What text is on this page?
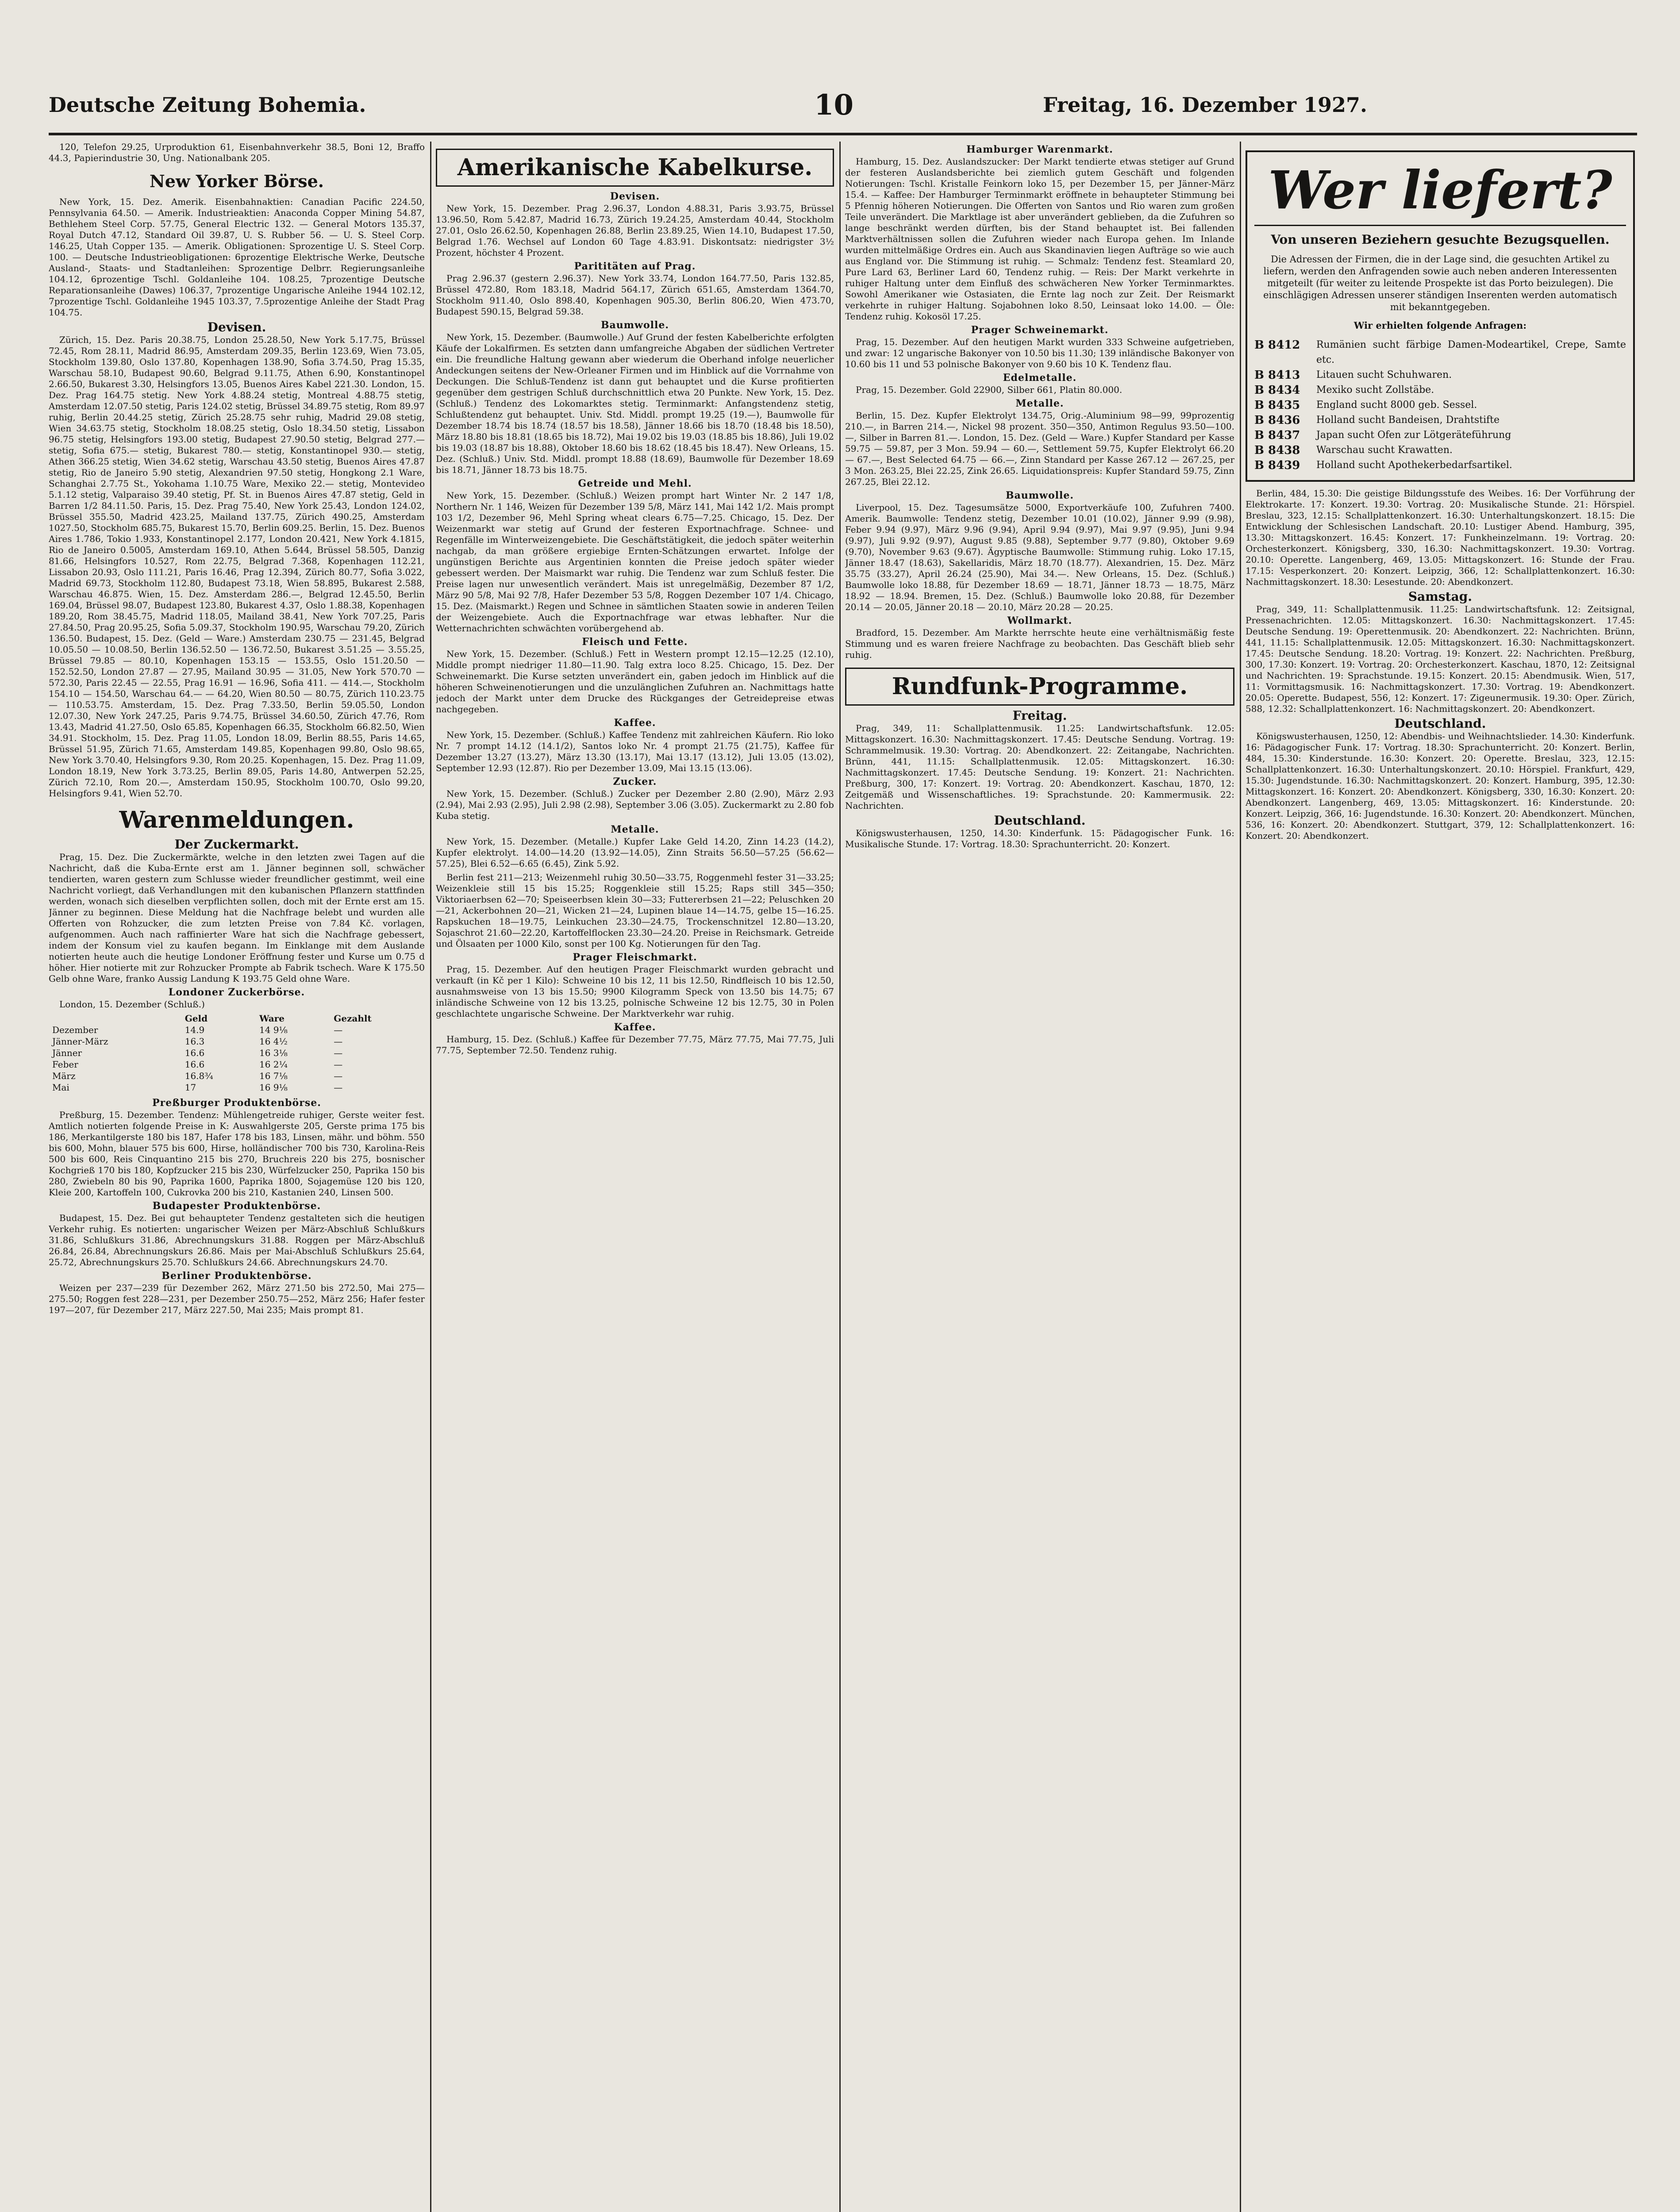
Deutsche Zeitung Bohemia.	10	Freitag, 16. Dezember 1927.

120, Telefon 29.25, Urproduktion 61, Eisenbahnverkehr 38.5, Boni 12, Braffo 44.3, Papierindustrie 30, Ung. Nationalbank 205.

New Yorker Börse.

New York, 15. Dez. Amerik. Eisenbahnaktien: Canadian Pacific 224.50, Pennsylvania 64.50. — Amerik. Industrieaktien: Anaconda Copper Mining 54.87, Bethlehem Steel Corp. 57.75, General Electric 132. — General Motors 135.37, Royal Dutch 47.12, Standard Oil 39.87, U. S. Rubber 56. — U. S. Steel Corp. 146.25, Utah Copper 135. — Amerik. Obligationen: Sprozentige U. S. Steel Corp. 100. — Deutsche Industrieobligationen: 6prozentige Elektrische Werke, Deutsche Ausland-, Staats- und Stadtanleihen: Sprozentige Delbrr. Regierungsanleihe 104.12, 6prozentige Tschl. Goldanleihe 104. 108.25, 7prozentige Deutsche Reparationsanleihe (Dawes) 106.37, 7prozentige Ungarische Anleihe 1944 102.12, 7prozentige Tschl. Goldanleihe 1945 103.37, 7.5prozentige Anleihe der Stadt Prag 104.75.

Devisen.

Zürich, 15. Dez. Paris 20.38.75, London 25.28.50, New York 5.17.75, Brüssel 72.45, Rom 28.11, Madrid 86.95, Amsterdam 209.35, Berlin 123.69, Wien 73.05, Stockholm 139.80, Oslo 137.80, Kopenhagen 138.90, Sofia 3.74.50, Prag 15.35, Warschau 58.10, Budapest 90.60, Belgrad 9.11.75, Athen 6.90, Konstantinopel 2.66.50, Bukarest 3.30, Helsingfors 13.05, Buenos Aires Kabel 221.30. London, 15. Dez. Prag 164.75 stetig. New York 4.88.24 stetig, Montreal 4.88.75 stetig, Amsterdam 12.07.50 stetig, Paris 124.02 stetig, Brüssel 34.89.75 stetig, Rom 89.97 ruhig, Berlin 20.44.25 stetig, Zürich 25.28.75 sehr ruhig, Madrid 29.08 stetig, Wien 34.63.75 stetig, Stockholm 18.08.25 stetig, Oslo 18.34.50 stetig, Lissabon 96.75 stetig, Helsingfors 193.00 stetig, Budapest 27.90.50 stetig, Belgrad 277.— stetig, Sofia 675.— stetig, Bukarest 780.— stetig, Konstantinopel 930.— stetig, Athen 366.25 stetig, Wien 34.62 stetig, Warschau 43.50 stetig, Buenos Aires 47.87 stetig, Rio de Janeiro 5.90 stetig, Alexandrien 97.50 stetig, Hongkong 2.1 Ware, Schanghai 2.7.75 St., Yokohama 1.10.75 Ware, Mexiko 22.— stetig, Montevideo 5.1.12 stetig, Valparaiso 39.40 stetig, Pf. St. in Buenos Aires 47.87 stetig, Geld in Barren 1/2 84.11.50. Paris, 15. Dez. Prag 75.40, New York 25.43, London 124.02, Brüssel 355.50, Madrid 423.25, Mailand 137.75, Zürich 490.25, Amsterdam 1027.50, Stockholm 685.75, Bukarest 15.70, Berlin 609.25. Berlin, 15. Dez. Buenos Aires 1.786, Tokio 1.933, Konstantinopel 2.177, London 20.421, New York 4.1815, Rio de Janeiro 0.5005, Amsterdam 169.10, Athen 5.644, Brüssel 58.505, Danzig 81.66, Helsingfors 10.527, Rom 22.75, Belgrad 7.368, Kopenhagen 112.21, Lissabon 20.93, Oslo 111.21, Paris 16.46, Prag 12.394, Zürich 80.77, Sofia 3.022, Madrid 69.73, Stockholm 112.80, Budapest 73.18, Wien 58.895, Bukarest 2.588, Warschau 46.875. Wien, 15. Dez. Amsterdam 286.—, Belgrad 12.45.50, Berlin 169.04, Brüssel 98.07, Budapest 123.80, Bukarest 4.37, Oslo 1.88.38, Kopenhagen 189.20, Rom 38.45.75, Madrid 118.05, Mailand 38.41, New York 707.25, Paris 27.84.50, Prag 20.95.25, Sofia 5.09.37, Stockholm 190.95, Warschau 79.20, Zürich 136.50. Budapest, 15. Dez. (Geld — Ware.) Amsterdam 230.75 — 231.45, Belgrad 10.05.50 — 10.08.50, Berlin 136.52.50 — 136.72.50, Bukarest 3.51.25 — 3.55.25, Brüssel 79.85 — 80.10, Kopenhagen 153.15 — 153.55, Oslo 151.20.50 — 152.52.50, London 27.87 — 27.95, Mailand 30.95 — 31.05, New York 570.70 — 572.30, Paris 22.45 — 22.55, Prag 16.91 — 16.96, Sofia 411. — 414.—, Stockholm 154.10 — 154.50, Warschau 64.— — 64.20, Wien 80.50 — 80.75, Zürich 110.23.75 — 110.53.75. Amsterdam, 15. Dez. Prag 7.33.50, Berlin 59.05.50, London 12.07.30, New York 247.25, Paris 9.74.75, Brüssel 34.60.50, Zürich 47.76, Rom 13.43, Madrid 41.27.50, Oslo 65.85, Kopenhagen 66.35, Stockholm 66.82.50, Wien 34.91. Stockholm, 15. Dez. Prag 11.05, London 18.09, Berlin 88.55, Paris 14.65, Brüssel 51.95, Zürich 71.65, Amsterdam 149.85, Kopenhagen 99.80, Oslo 98.65, New York 3.70.40, Helsingfors 9.30, Rom 20.25. Kopenhagen, 15. Dez. Prag 11.09, London 18.19, New York 3.73.25, Berlin 89.05, Paris 14.80, Antwerpen 52.25, Zürich 72.10, Rom 20.—, Amsterdam 150.95, Stockholm 100.70, Oslo 99.20, Helsingfors 9.41, Wien 52.70.

Warenmeldungen.
Der Zuckermarkt.

Prag, 15. Dez. Die Zuckermärkte, welche in den letzten zwei Tagen auf die Nachricht, daß die Kuba-Ernte erst am 1. Jänner beginnen soll, schwächer tendierten, waren gestern zum Schlusse wieder freundlicher gestimmt, weil eine Nachricht vorliegt, daß Verhandlungen mit den kubanischen Pflanzern stattfinden werden, wonach sich dieselben verpflichten sollen, doch mit der Ernte erst am 15. Jänner zu beginnen. Diese Meldung hat die Nachfrage belebt und wurden alle Offerten von Rohzucker, die zum letzten Preise von 7.84 Kč. vorlagen, aufgenommen. Auch nach raffinierter Ware hat sich die Nachfrage gebessert, indem der Konsum viel zu kaufen begann. Im Einklange mit dem Auslande notierten heute auch die heutige Londoner Eröffnung fester und Kurse um 0.75 d höher. Hier notierte mit zur Rohzucker Prompte ab Fabrik tschech. Ware K 175.50 Gelb ohne Ware, franko Aussig Landung K 193.75 Geld ohne Ware.

Londoner Zuckerbörse.
London, 15. Dezember (Schluß.)
	Geld	Ware	Gezahlt
Dezember	14.9	14 9⅛	—
Jänner-März	16.3	16 4½	—
Jänner	16.6	16 3⅛	—
Feber	16.6	16 2¼	—
März	16.8¾	16 7⅛	—
Mai	17	16 9⅛	—
Preßburger Produktenbörse.

Preßburg, 15. Dezember. Tendenz: Mühlengetreide ruhiger, Gerste weiter fest. Amtlich notierten folgende Preise in K: Auswahlgerste 205, Gerste prima 175 bis 186, Merkantilgerste 180 bis 187, Hafer 178 bis 183, Linsen, mähr. und böhm. 550 bis 600, Mohn, blauer 575 bis 600, Hirse, holländischer 700 bis 730, Karolina-Reis 500 bis 600, Reis Cinquantino 215 bis 270, Bruchreis 220 bis 275, bosnischer Kochgrieß 170 bis 180, Kopfzucker 215 bis 230, Würfelzucker 250, Paprika 150 bis 280, Zwiebeln 80 bis 90, Paprika 1600, Paprika 1800, Sojagemüse 120 bis 120, Kleie 200, Kartoffeln 100, Cukrovka 200 bis 210, Kastanien 240, Linsen 500.

Budapester Produktenbörse.

Budapest, 15. Dez. Bei gut behaupteter Tendenz gestalteten sich die heutigen Verkehr ruhig. Es notierten: ungarischer Weizen per März-Abschluß Schlußkurs 31.86, Schlußkurs 31.86, Abrechnungskurs 31.88. Roggen per März-Abschluß 26.84, 26.84, Abrechnungskurs 26.86. Mais per Mai-Abschluß Schlußkurs 25.64, 25.72, Abrechnungskurs 25.70. Schlußkurs 24.66. Abrechnungskurs 24.70.

Berliner Produktenbörse.

Weizen per 237—239 für Dezember 262, März 271.50 bis 272.50, Mai 275—275.50; Roggen fest 228—231, per Dezember 250.75—252, März 256; Hafer fester 197—207, für Dezember 217, März 227.50, Mai 235; Mais prompt 81.

Amerikanische Kabelkurse.
Devisen.

New York, 15. Dezember. Prag 2.96.37, London 4.88.31, Paris 3.93.75, Brüssel 13.96.50, Rom 5.42.87, Madrid 16.73, Zürich 19.24.25, Amsterdam 40.44, Stockholm 27.01, Oslo 26.62.50, Kopenhagen 26.88, Berlin 23.89.25, Wien 14.10, Budapest 17.50, Belgrad 1.76. Wechsel auf London 60 Tage 4.83.91. Diskontsatz: niedrigster 3½ Prozent, höchster 4 Prozent.

Parititäten auf Prag.

Prag 2.96.37 (gestern 2.96.37). New York 33.74, London 164.77.50, Paris 132.85, Brüssel 472.80, Rom 183.18, Madrid 564.17, Zürich 651.65, Amsterdam 1364.70, Stockholm 911.40, Oslo 898.40, Kopenhagen 905.30, Berlin 806.20, Wien 473.70, Budapest 590.15, Belgrad 59.38.

Baumwolle.

New York, 15. Dezember. (Baumwolle.) Auf Grund der festen Kabelberichte erfolgten Käufe der Lokalfirmen. Es setzten dann umfangreiche Abgaben der südlichen Vertreter ein. Die freundliche Haltung gewann aber wiederum die Oberhand infolge neuerlicher Andeckungen seitens der New-Orleaner Firmen und im Hinblick auf die Vorrnahme von Deckungen. Die Schluß-Tendenz ist dann gut behauptet und die Kurse profitierten gegenüber dem gestrigen Schluß durchschnittlich etwa 20 Punkte. New York, 15. Dez. (Schluß.) Tendenz des Lokomarktes stetig. Terminmarkt: Anfangstendenz stetig, Schlußtendenz gut behauptet. Univ. Std. Middl. prompt 19.25 (19.—), Baumwolle für Dezember 18.74 bis 18.74 (18.57 bis 18.58), Jänner 18.66 bis 18.70 (18.48 bis 18.50), März 18.80 bis 18.81 (18.65 bis 18.72), Mai 19.02 bis 19.03 (18.85 bis 18.86), Juli 19.02 bis 19.03 (18.87 bis 18.88), Oktober 18.60 bis 18.62 (18.45 bis 18.47). New Orleans, 15. Dez. (Schluß.) Univ. Std. Middl. prompt 18.88 (18.69), Baumwolle für Dezember 18.69 bis 18.71, Jänner 18.73 bis 18.75.

Getreide und Mehl.

New York, 15. Dezember. (Schluß.) Weizen prompt hart Winter Nr. 2 147 1/8, Northern Nr. 1 146, Weizen für Dezember 139 5/8, März 141, Mai 142 1/2. Mais prompt 103 1/2, Dezember 96, Mehl Spring wheat clears 6.75—7.25. Chicago, 15. Dez. Der Weizenmarkt war stetig auf Grund der festeren Exportnachfrage. Schnee- und Regenfälle im Winterweizengebiete. Die Geschäftstätigkeit, die jedoch später weiterhin nachgab, da man größere ergiebige Ernten-Schätzungen erwartet. Infolge der ungünstigen Berichte aus Argentinien konnten die Preise jedoch später wieder gebessert werden. Der Maismarkt war ruhig. Die Tendenz war zum Schluß fester. Die Preise lagen nur unwesentlich verändert. Mais ist unregelmäßig, Dezember 87 1/2, März 90 5/8, Mai 92 7/8, Hafer Dezember 53 5/8, Roggen Dezember 107 1/4. Chicago, 15. Dez. (Maismarkt.) Regen und Schnee in sämtlichen Staaten sowie in anderen Teilen der Weizengebiete. Auch die Exportnachfrage war etwas lebhafter. Nur die Wetternachrichten schwächten vorübergehend ab.

Fleisch und Fette.

New York, 15. Dezember. (Schluß.) Fett in Western prompt 12.15—12.25 (12.10), Middle prompt niedriger 11.80—11.90. Talg extra loco 8.25. Chicago, 15. Dez. Der Schweinemarkt. Die Kurse setzten unverändert ein, gaben jedoch im Hinblick auf die höheren Schweinenotierungen und die unzulänglichen Zufuhren an. Nachmittags hatte jedoch der Markt unter dem Drucke des Rückganges der Getreidepreise etwas nachgegeben.

Kaffee.

New York, 15. Dezember. (Schluß.) Kaffee Tendenz mit zahlreichen Käufern. Rio loko Nr. 7 prompt 14.12 (14.1/2), Santos loko Nr. 4 prompt 21.75 (21.75), Kaffee für Dezember 13.27 (13.27), März 13.30 (13.17), Mai 13.17 (13.12), Juli 13.05 (13.02), September 12.93 (12.87). Rio per Dezember 13.09, Mai 13.15 (13.06).

Zucker.

New York, 15. Dezember. (Schluß.) Zucker per Dezember 2.80 (2.90), März 2.93 (2.94), Mai 2.93 (2.95), Juli 2.98 (2.98), September 3.06 (3.05). Zuckermarkt zu 2.80 fob Kuba stetig.

Metalle.

New York, 15. Dezember. (Metalle.) Kupfer Lake Geld 14.20, Zinn 14.23 (14.2), Kupfer elektrolyt. 14.00—14.20 (13.92—14.05), Zinn Straits 56.50—57.25 (56.62—57.25), Blei 6.52—6.65 (6.45), Zink 5.92.

Berlin fest 211—213; Weizenmehl ruhig 30.50—33.75, Roggenmehl fester 31—33.25; Weizenkleie still 15 bis 15.25; Roggenkleie still 15.25; Raps still 345—350; Viktoriaerbsen 62—70; Speiseerbsen klein 30—33; Futtererbsen 21—22; Peluschken 20—21, Ackerbohnen 20—21, Wicken 21—24, Lupinen blaue 14—14.75, gelbe 15—16.25. Rapskuchen 18—19.75, Leinkuchen 23.30—24.75, Trockenschnitzel 12.80—13.20, Sojaschrot 21.60—22.20, Kartoffelflocken 23.30—24.20. Preise in Reichsmark. Getreide und Ölsaaten per 1000 Kilo, sonst per 100 Kg. Notierungen für den Tag.

Prager Fleischmarkt.

Prag, 15. Dezember. Auf den heutigen Prager Fleischmarkt wurden gebracht und verkauft (in Kč per 1 Kilo): Schweine 10 bis 12, 11 bis 12.50, Rindfleisch 10 bis 12.50, ausnahmsweise von 13 bis 15.50; 9900 Kilogramm Speck von 13.50 bis 14.75; 67 inländische Schweine von 12 bis 13.25, polnische Schweine 12 bis 12.75, 30 in Polen geschlachtete ungarische Schweine. Der Marktverkehr war ruhig.

Kaffee.

Hamburg, 15. Dez. (Schluß.) Kaffee für Dezember 77.75, März 77.75, Mai 77.75, Juli 77.75, September 72.50. Tendenz ruhig.

Hamburger Warenmarkt.

Hamburg, 15. Dez. Auslandszucker: Der Markt tendierte etwas stetiger auf Grund der festeren Auslandsberichte bei ziemlich gutem Geschäft und folgenden Notierungen: Tschl. Kristalle Feinkorn loko 15, per Dezember 15, per Jänner-März 15.4. — Kaffee: Der Hamburger Terminmarkt eröffnete in behaupteter Stimmung bei 5 Pfennig höheren Notierungen. Die Offerten von Santos und Rio waren zum großen Teile unverändert. Die Marktlage ist aber unverändert geblieben, da die Zufuhren so lange beschränkt werden dürften, bis der Stand behauptet ist. Bei fallenden Marktverhältnissen sollen die Zufuhren wieder nach Europa gehen. Im Inlande wurden mittelmäßige Ordres ein. Auch aus Skandinavien liegen Aufträge so wie auch aus England vor. Die Stimmung ist ruhig. — Schmalz: Tendenz fest. Steamlard 20, Pure Lard 63, Berliner Lard 60, Tendenz ruhig. — Reis: Der Markt verkehrte in ruhiger Haltung unter dem Einfluß des schwächeren New Yorker Terminmarktes. Sowohl Amerikaner wie Ostasiaten, die Ernte lag noch zur Zeit. Der Reismarkt verkehrte in ruhiger Haltung. Sojabohnen loko 8.50, Leinsaat loko 14.00. — Öle: Tendenz ruhig. Kokosöl 17.25.

Prager Schweinemarkt.

Prag, 15. Dezember. Auf den heutigen Markt wurden 333 Schweine aufgetrieben, und zwar: 12 ungarische Bakonyer von 10.50 bis 11.30; 139 inländische Bakonyer von 10.60 bis 11 und 53 polnische Bakonyer von 9.60 bis 10 K. Tendenz flau.

Edelmetalle.

Prag, 15. Dezember. Gold 22900, Silber 661, Platin 80.000.

Metalle.

Berlin, 15. Dez. Kupfer Elektrolyt 134.75, Orig.-Aluminium 98—99, 99prozentig 210.—, in Barren 214.—, Nickel 98 prozent. 350—350, Antimon Regulus 93.50—100.—, Silber in Barren 81.—. London, 15. Dez. (Geld — Ware.) Kupfer Standard per Kasse 59.75 — 59.87, per 3 Mon. 59.94 — 60.—, Settlement 59.75, Kupfer Elektrolyt 66.20 — 67.—, Best Selected 64.75 — 66.—, Zinn Standard per Kasse 267.12 — 267.25, per 3 Mon. 263.25, Blei 22.25, Zink 26.65. Liquidationspreis: Kupfer Standard 59.75, Zinn 267.25, Blei 22.12.

Baumwolle.

Liverpool, 15. Dez. Tagesumsätze 5000, Exportverkäufe 100, Zufuhren 7400. Amerik. Baumwolle: Tendenz stetig, Dezember 10.01 (10.02), Jänner 9.99 (9.98), Feber 9.94 (9.97), März 9.96 (9.94), April 9.94 (9.97), Mai 9.97 (9.95), Juni 9.94 (9.97), Juli 9.92 (9.97), August 9.85 (9.88), September 9.77 (9.80), Oktober 9.69 (9.70), November 9.63 (9.67). Ägyptische Baumwolle: Stimmung ruhig. Loko 17.15, Jänner 18.47 (18.63), Sakellaridis, März 18.70 (18.77). Alexandrien, 15. Dez. März 35.75 (33.27), April 26.24 (25.90), Mai 34.—. New Orleans, 15. Dez. (Schluß.) Baumwolle loko 18.88, für Dezember 18.69 — 18.71, Jänner 18.73 — 18.75, März 18.92 — 18.94. Bremen, 15. Dez. (Schluß.) Baumwolle loko 20.88, für Dezember 20.14 — 20.05, Jänner 20.18 — 20.10, März 20.28 — 20.25.

Wollmarkt.

Bradford, 15. Dezember. Am Markte herrschte heute eine verhältnismäßig feste Stimmung und es waren freiere Nachfrage zu beobachten. Das Geschäft blieb sehr ruhig.

Rundfunk-Programme.
Freitag.

Prag, 349, 11: Schallplattenmusik. 11.25: Landwirtschaftsfunk. 12.05: Mittagskonzert. 16.30: Nachmittagskonzert. 17.45: Deutsche Sendung. Vortrag. 19: Schrammelmusik. 19.30: Vortrag. 20: Abendkonzert. 22: Zeitangabe, Nachrichten. Brünn, 441, 11.15: Schallplattenmusik. 12.05: Mittagskonzert. 16.30: Nachmittagskonzert. 17.45: Deutsche Sendung. 19: Konzert. 21: Nachrichten. Preßburg, 300, 17: Konzert. 19: Vortrag. 20: Abendkonzert. Kaschau, 1870, 12: Zeitgemäß und Wissenschaftliches. 19: Sprachstunde. 20: Kammermusik. 22: Nachrichten.

Deutschland.

Königswusterhausen, 1250, 14.30: Kinderfunk. 15: Pädagogischer Funk. 16: Musikalische Stunde. 17: Vortrag. 18.30: Sprachunterricht. 20: Konzert.

Wer liefert?
Von unseren Beziehern gesuchte Bezugsquellen.
Die Adressen der Firmen, die in der Lage sind, die gesuchten Artikel zu liefern, werden den Anfragenden sowie auch neben anderen Interessenten mitgeteilt (für weiter zu leitende Prospekte ist das Porto beizulegen). Die einschlägigen Adressen unserer ständigen Inserenten werden automatisch mit bekanntgegeben.
Wir erhielten folgende Anfragen:
B 8412	Rumänien sucht färbige Damen-Modeartikel, Crepe, Samte etc.
B 8413	Litauen sucht Schuhwaren.
B 8434	Mexiko sucht Zollstäbe.
B 8435	England sucht 8000 geb. Sessel.
B 8436	Holland sucht Bandeisen, Drahtstifte
B 8437	Japan sucht Ofen zur Lötgeräteführung
B 8438	Warschau sucht Krawatten.
B 8439	Holland sucht Apothekerbedarfsartikel.

Berlin, 484, 15.30: Die geistige Bildungsstufe des Weibes. 16: Der Vorführung der Elektrokarte. 17: Konzert. 19.30: Vortrag. 20: Musikalische Stunde. 21: Hörspiel. Breslau, 323, 12.15: Schallplattenkonzert. 16.30: Unterhaltungskonzert. 18.15: Die Entwicklung der Schlesischen Landschaft. 20.10: Lustiger Abend. Hamburg, 395, 13.30: Mittagskonzert. 16.45: Konzert. 17: Funkheinzelmann. 19: Vortrag. 20: Orchesterkonzert. Königsberg, 330, 16.30: Nachmittagskonzert. 19.30: Vortrag. 20.10: Operette. Langenberg, 469, 13.05: Mittagskonzert. 16: Stunde der Frau. 17.15: Vesperkonzert. 20: Konzert. Leipzig, 366, 12: Schallplattenkonzert. 16.30: Nachmittagskonzert. 18.30: Lesestunde. 20: Abendkonzert.

Samstag.

Prag, 349, 11: Schallplattenmusik. 11.25: Landwirtschaftsfunk. 12: Zeitsignal, Pressenachrichten. 12.05: Mittagskonzert. 16.30: Nachmittagskonzert. 17.45: Deutsche Sendung. 19: Operettenmusik. 20: Abendkonzert. 22: Nachrichten. Brünn, 441, 11.15: Schallplattenmusik. 12.05: Mittagskonzert. 16.30: Nachmittagskonzert. 17.45: Deutsche Sendung. 18.20: Vortrag. 19: Konzert. 22: Nachrichten. Preßburg, 300, 17.30: Konzert. 19: Vortrag. 20: Orchesterkonzert. Kaschau, 1870, 12: Zeitsignal und Nachrichten. 19: Sprachstunde. 19.15: Konzert. 20.15: Abendmusik. Wien, 517, 11: Vormittagsmusik. 16: Nachmittagskonzert. 17.30: Vortrag. 19: Abendkonzert. 20.05: Operette. Budapest, 556, 12: Konzert. 17: Zigeunermusik. 19.30: Oper. Zürich, 588, 12.32: Schallplattenkonzert. 16: Nachmittagskonzert. 20: Abendkonzert.

Deutschland.

Königswusterhausen, 1250, 12: Abendbis- und Weihnachtslieder. 14.30: Kinderfunk. 16: Pädagogischer Funk. 17: Vortrag. 18.30: Sprachunterricht. 20: Konzert. Berlin, 484, 15.30: Kinderstunde. 16.30: Konzert. 20: Operette. Breslau, 323, 12.15: Schallplattenkonzert. 16.30: Unterhaltungskonzert. 20.10: Hörspiel. Frankfurt, 429, 15.30: Jugendstunde. 16.30: Nachmittagskonzert. 20: Konzert. Hamburg, 395, 12.30: Mittagskonzert. 16: Konzert. 20: Abendkonzert. Königsberg, 330, 16.30: Konzert. 20: Abendkonzert. Langenberg, 469, 13.05: Mittagskonzert. 16: Kinderstunde. 20: Konzert. Leipzig, 366, 16: Jugendstunde. 16.30: Konzert. 20: Abendkonzert. München, 536, 16: Konzert. 20: Abendkonzert. Stuttgart, 379, 12: Schallplattenkonzert. 16: Konzert. 20: Abendkonzert.
